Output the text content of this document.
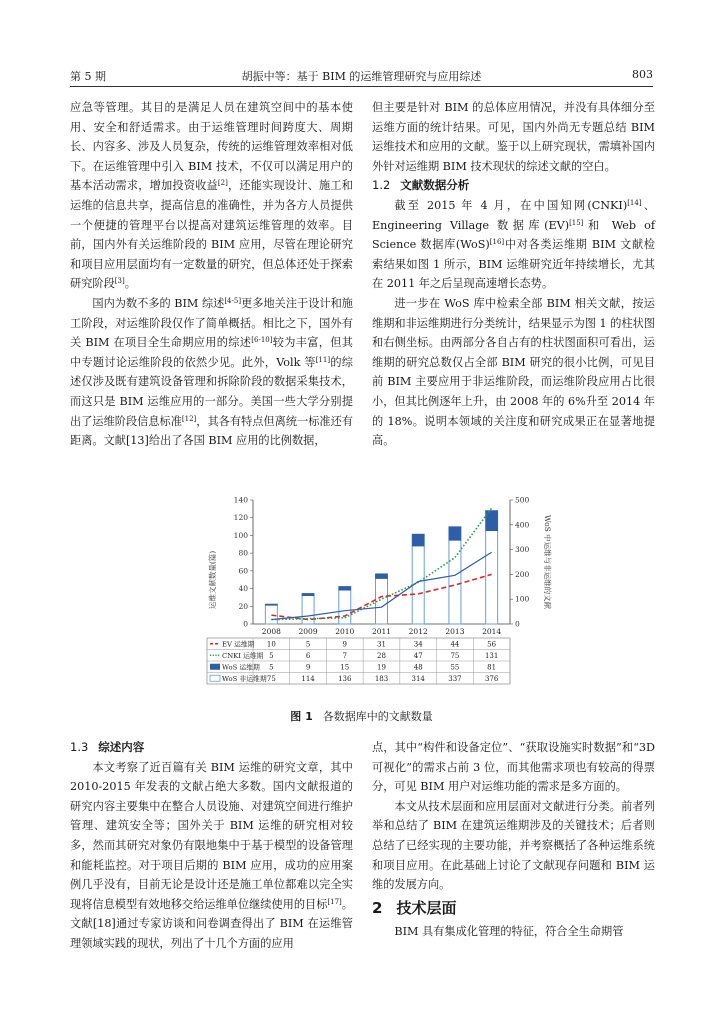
第 5 期	胡振中等：基于 BIM 的运维管理研究与应用综述	803

应急等管理。其目的是满足人员在建筑空间中的基本使用、安全和舒适需求。由于运维管理时间跨度大、周期长、内容多、涉及人员复杂，传统的运维管理效率相对低下。在运维管理中引入 BIM 技术，不仅可以满足用户的基本活动需求，增加投资收益[2]，还能实现设计、施工和运维的信息共享，提高信息的准确性，并为各方人员提供一个便捷的管理平台以提高对建筑运维管理的效率。目前，国内外有关运维阶段的 BIM 应用，尽管在理论研究和项目应用层面均有一定数量的研究，但总体还处于探索研究阶段[3]。

国内为数不多的 BIM 综述[4-5]更多地关注于设计和施工阶段，对运维阶段仅作了简单概括。相比之下，国外有关 BIM 在项目全生命期应用的综述[6-10]较为丰富，但其中专题讨论运维阶段的依然少见。此外，Volk 等[11]的综述仅涉及既有建筑设备管理和拆除阶段的数据采集技术，而这只是 BIM 运维应用的一部分。美国一些大学分别提出了运维阶段信息标准[12]，其各有特点但离统一标准还有距离。文献[13]给出了各国 BIM 应用的比例数据，

但主要是针对 BIM 的总体应用情况，并没有具体细分至运维方面的统计结果。可见，国内外尚无专题总结 BIM 运维技术和应用的文献。鉴于以上研究现状，需填补国内外针对运维期 BIM 技术现状的综述文献的空白。

1.2 文献数据分析

截至 2015 年 4 月，在中国知网(CNKI)[14]、Engineering Village 数据库(EV)[15]和 Web of Science 数据库(WoS)[16]中对各类运维期 BIM 文献检索结果如图 1 所示，BIM 运维研究近年持续增长，尤其在 2011 年之后呈现高速增长态势。

进一步在 WoS 库中检索全部 BIM 相关文献，按运维期和非运维期进行分类统计，结果显示为图 1 的柱状图和右侧坐标。由两部分各自占有的柱状图面积可看出，运维期的研究总数仅占全部 BIM 研究的很小比例，可见目前 BIM 主要应用于非运维阶段，而运维阶段应用占比很小，但其比例逐年上升，由 2008 年的 6%升至 2014 年的 18%。说明本领域的关注度和研究成果正在显著地提高。

0
20
40
60
80
100
120
140
0
100
200
300
400
500
2008 2009 2010 2011 2012 2013 2014
EV 运维期 10	5	9	31	34	44	56
CNKI 运维期 5	6	7	28	47	75	131
WoS 运维期 5	9	15	19	48	55	81
WoS 非运维期 75	114	136	183	314	337	376
运维文献数量(篇)	WoS 中运维与非运维的文献
图 1 各数据库中的文献数量
1.3 综述内容

本文考察了近百篇有关 BIM 运维的研究文章，其中 2010-2015 年发表的文献占绝大多数。国内文献报道的研究内容主要集中在整合人员设施、对建筑空间进行维护管理、建筑安全等；国外关于 BIM 运维的研究相对较多，然而其研究对象仍有限地集中于基于模型的设备管理和能耗监控。对于项目后期的 BIM 应用，成功的应用案例几乎没有，目前无论是设计还是施工单位都难以完全实现将信息模型有效地移交给运维单位继续使用的目标[17]。文献[18]通过专家访谈和问卷调查得出了 BIM 在运维管理领域实践的现状，列出了十几个方面的应用

点，其中“构件和设备定位”、“获取设施实时数据”和“3D 可视化”的需求占前 3 位，而其他需求项也有较高的得票分，可见 BIM 用户对运维功能的需求是多方面的。

本文从技术层面和应用层面对文献进行分类。前者列举和总结了 BIM 在建筑运维期涉及的关键技术；后者则总结了已经实现的主要功能，并考察概括了各种运维系统和项目应用。在此基础上讨论了文献现存问题和 BIM 运维的发展方向。

2 技术层面

BIM 具有集成化管理的特征，符合全生命期管
